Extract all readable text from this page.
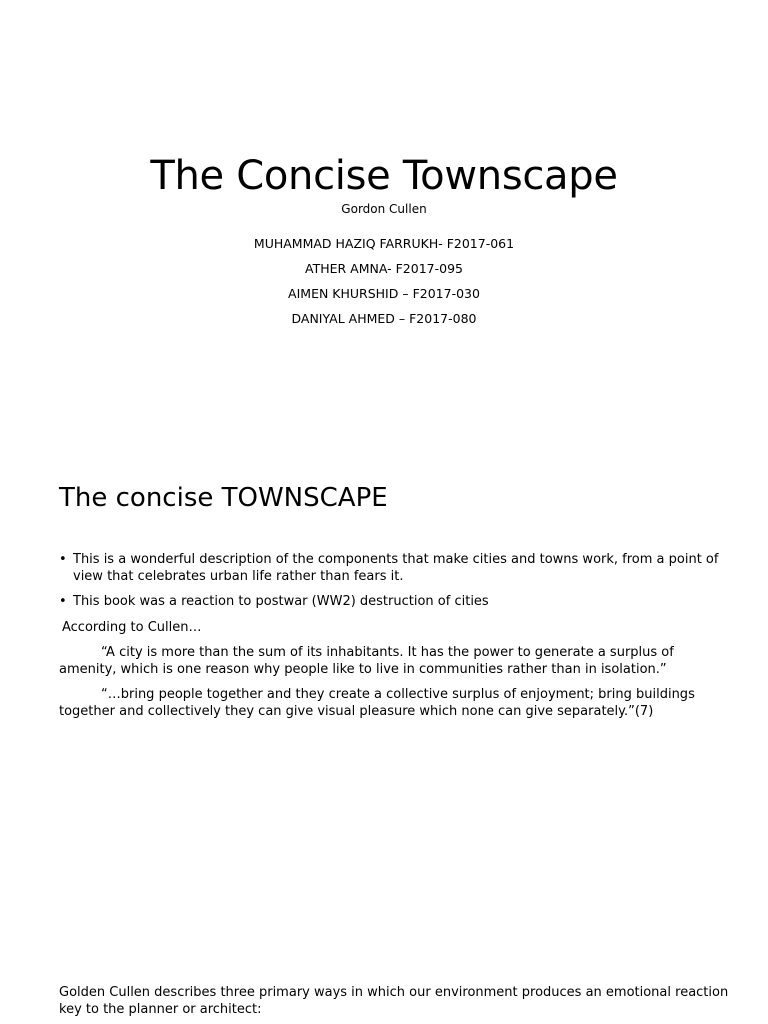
The Concise Townscape
Gordon Cullen
MUHAMMAD HAZIQ FARRUKH- F2017-061
ATHER AMNA- F2017-095
AIMEN KHURSHID – F2017-030
DANIYAL AHMED – F2017-080
The concise TOWNSCAPE
• This is a wonderful description of the components that make cities and towns work, from a point of view that celebrates urban life rather than fears it.
• This book was a reaction to postwar (WW2) destruction of cities
According to Cullen…

“A city is more than the sum of its inhabitants. It has the power to generate a surplus of amenity, which is one reason why people like to live in communities rather than in isolation.”

“…bring people together and they create a collective surplus of enjoyment; bring buildings together and collectively they can give visual pleasure which none can give separately.”(7)

Golden Cullen describes three primary ways in which our environment produces an emotional reaction key to the planner or architect:
